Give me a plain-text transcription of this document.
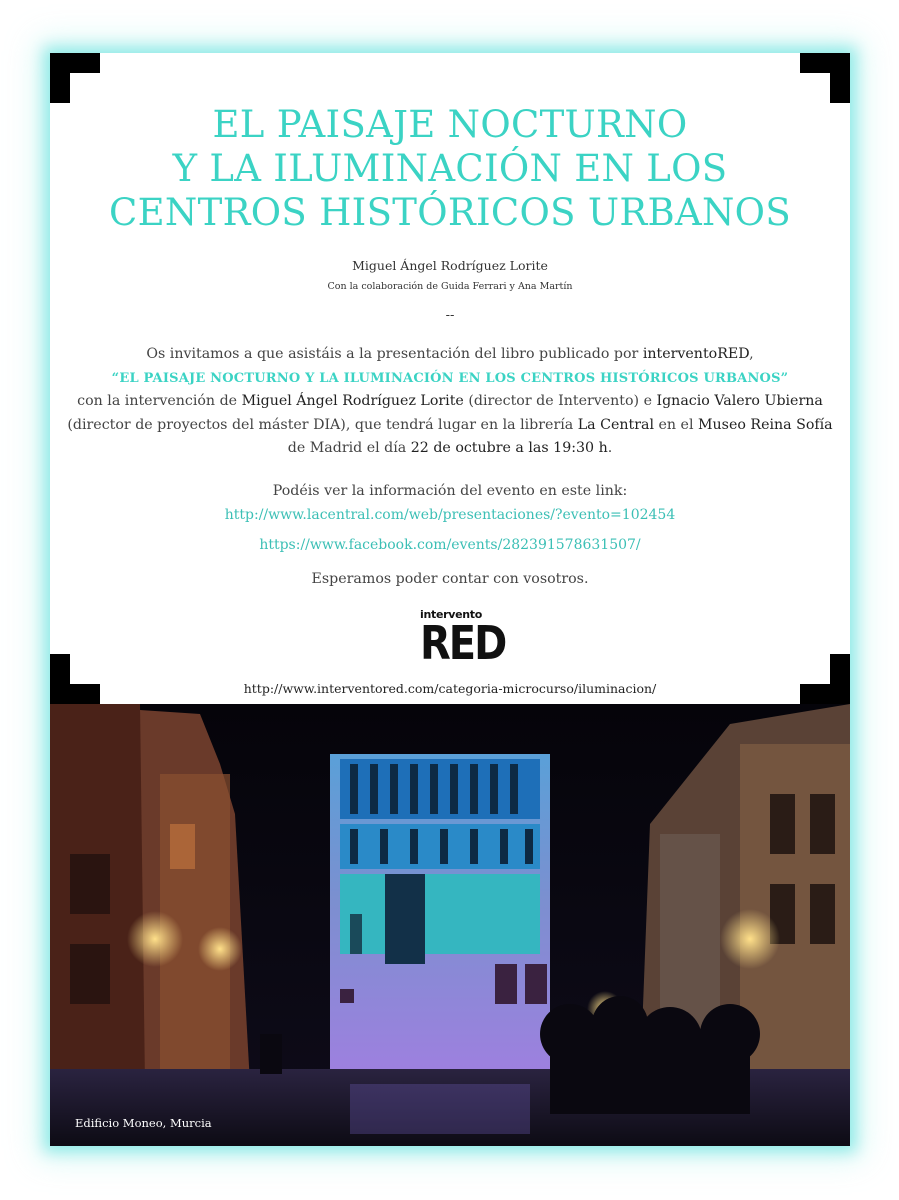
EL PAISAJE NOCTURNO
Y LA ILUMINACIÓN EN LOS
CENTROS HISTÓRICOS URBANOS
Miguel Ángel Rodríguez Lorite
Con la colaboración de Guida Ferrari y Ana Martín
--
Os invitamos a que asistáis a la presentación del libro publicado por interventoRED,
“EL PAISAJE NOCTURNO Y LA ILUMINACIÓN EN LOS CENTROS HISTÓRICOS URBANOS”
con la intervención de Miguel Ángel Rodríguez Lorite (director de Intervento) e Ignacio Valero Ubierna
(director de proyectos del máster DIA), que tendrá lugar en la librería La Central en el Museo Reina Sofía
de Madrid el día 22 de octubre a las 19:30 h.
Podéis ver la información del evento en este link:
http://www.lacentral.com/web/presentaciones/?evento=102454
https://www.facebook.com/events/282391578631507/
Esperamos poder contar con vosotros.
intervento
RED
http://www.interventored.com/categoria-microcurso/iluminacion/
Edificio Moneo, Murcia
